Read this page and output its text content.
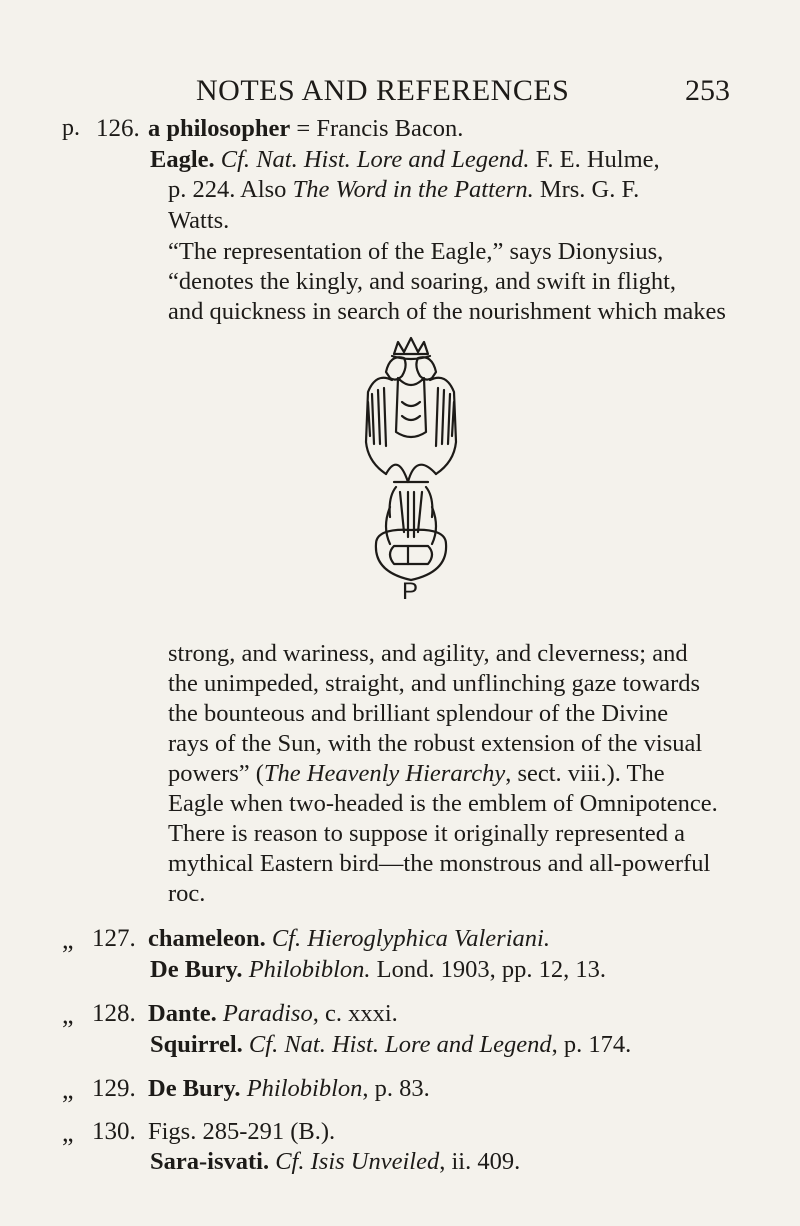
NOTES AND REFERENCES	253
p. 126. a philosopher = Francis Bacon.
Eagle. Cf. Nat. Hist. Lore and Legend. F. E. Hulme,
p. 224. Also The Word in the Pattern. Mrs. G. F.
Watts.
“The representation of the Eagle,” says Dionysius,
“denotes the kingly, and soaring, and swift in flight,
and quickness in search of the nourishment which makes
P
strong, and wariness, and agility, and cleverness; and
the unimpeded, straight, and unflinching gaze towards
the bounteous and brilliant splendour of the Divine
rays of the Sun, with the robust extension of the visual
powers” (The Heavenly Hierarchy, sect. viii.). The
Eagle when two-headed is the emblem of Omnipotence.
There is reason to suppose it originally represented a
mythical Eastern bird—the monstrous and all-powerful
roc.
„ 127. chameleon. Cf. Hieroglyphica Valeriani.
De Bury. Philobiblon. Lond. 1903, pp. 12, 13.
„ 128. Dante. Paradiso, c. xxxi.
Squirrel. Cf. Nat. Hist. Lore and Legend, p. 174.
„ 129. De Bury. Philobiblon, p. 83.
„ 130. Figs. 285-291 (B.).
Sara-isvati. Cf. Isis Unveiled, ii. 409.
